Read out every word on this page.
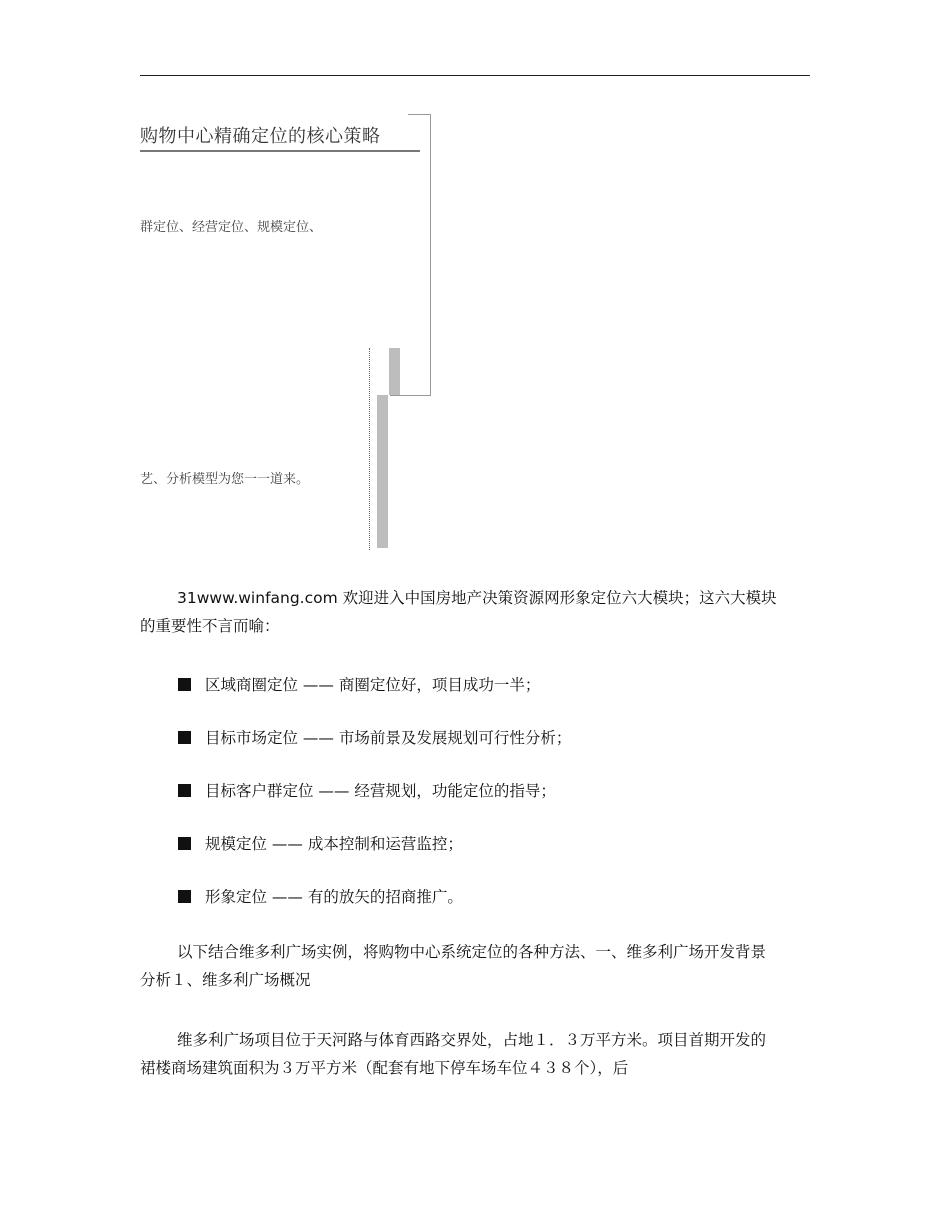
购物中心精确定位的核心策略
群定位、经营定位、规模定位、
艺、分析模型为您一一道来。
31www.winfang.com 欢迎进入中国房地产决策资源网形象定位六大模块；这六大模块的重要性不言而喻：
区域商圈定位 —— 商圈定位好，项目成功一半；
目标市场定位 —— 市场前景及发展规划可行性分析；
目标客户群定位 —— 经营规划，功能定位的指导；
规模定位 —— 成本控制和运营监控；
形象定位 —— 有的放矢的招商推广。
以下结合维多利广场实例，将购物中心系统定位的各种方法、一、维多利广场开发背景分析１、维多利广场概况
维多利广场项目位于天河路与体育西路交界处，占地１．３万平方米。项目首期开发的裙楼商场建筑面积为３万平方米（配套有地下停车场车位４３８个），后
